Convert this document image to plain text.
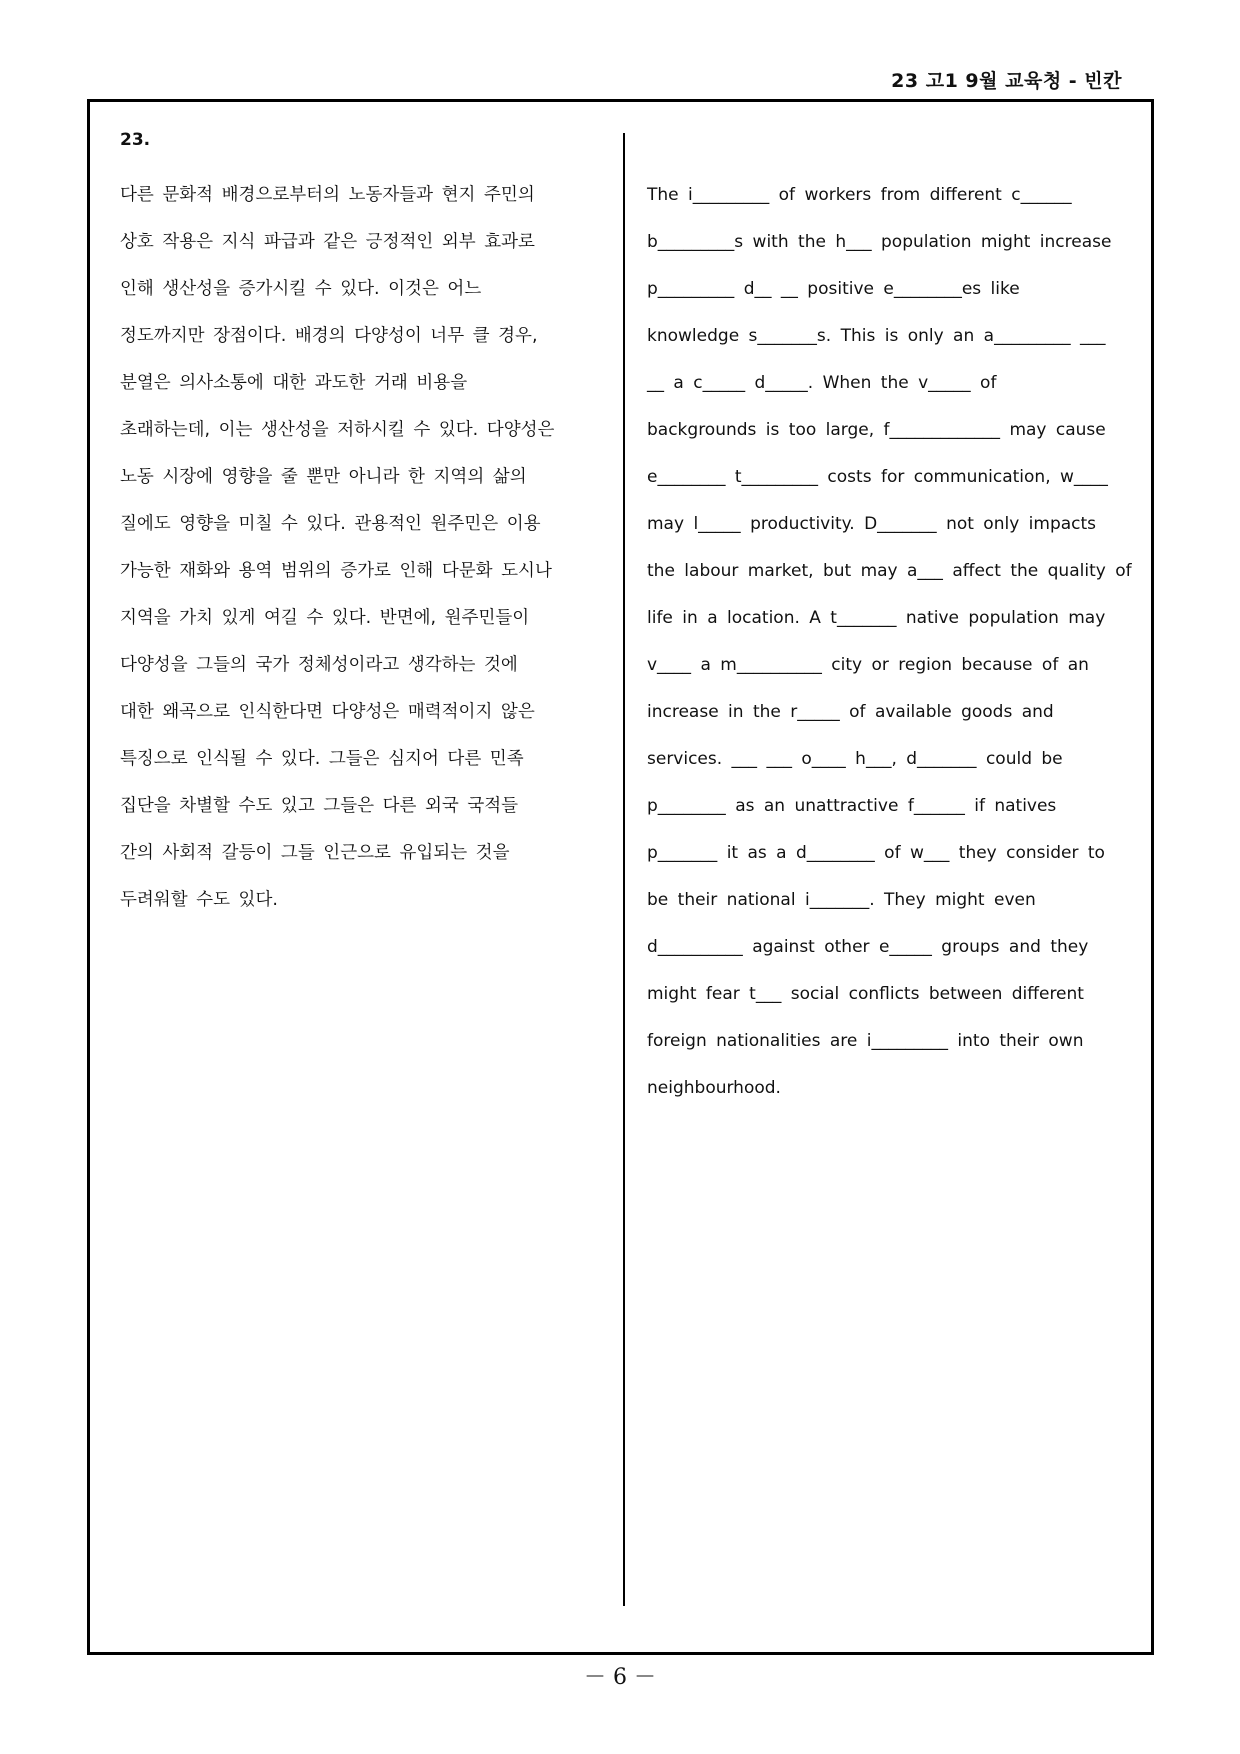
23 고1 9월 교육청 - 빈칸
23.
다른 문화적 배경으로부터의 노동자들과 현지 주민의
상호 작용은 지식 파급과 같은 긍정적인 외부 효과로
인해 생산성을 증가시킬 수 있다. 이것은 어느
정도까지만 장점이다. 배경의 다양성이 너무 클 경우,
분열은 의사소통에 대한 과도한 거래 비용을
초래하는데, 이는 생산성을 저하시킬 수 있다. 다양성은
노동 시장에 영향을 줄 뿐만 아니라 한 지역의 삶의
질에도 영향을 미칠 수 있다. 관용적인 원주민은 이용
가능한 재화와 용역 범위의 증가로 인해 다문화 도시나
지역을 가치 있게 여길 수 있다. 반면에, 원주민들이
다양성을 그들의 국가 정체성이라고 생각하는 것에
대한 왜곡으로 인식한다면 다양성은 매력적이지 않은
특징으로 인식될 수 있다. 그들은 심지어 다른 민족
집단을 차별할 수도 있고 그들은 다른 외국 국적들
간의 사회적 갈등이 그들 인근으로 유입되는 것을
두려워할 수도 있다.
The i_________ of workers from different c______
b_________s with the h___ population might increase
p_________ d__ __ positive e________es like
knowledge s_______s. This is only an a_________ ___
__ a c_____ d_____. When the v_____ of
backgrounds is too large, f_____________ may cause
e________ t_________ costs for communication, w____
may l_____ productivity. D_______ not only impacts
the labour market, but may a___ affect the quality of
life in a location. A t_______ native population may
v____ a m__________ city or region because of an
increase in the r_____ of available goods and
services. ___ ___ o____ h___, d_______ could be
p________ as an unattractive f______ if natives
p_______ it as a d________ of w___ they consider to
be their national i_______. They might even
d__________ against other e_____ groups and they
might fear t___ social conflicts between different
foreign nationalities are i_________ into their own
neighbourhood.
－ 6 －
